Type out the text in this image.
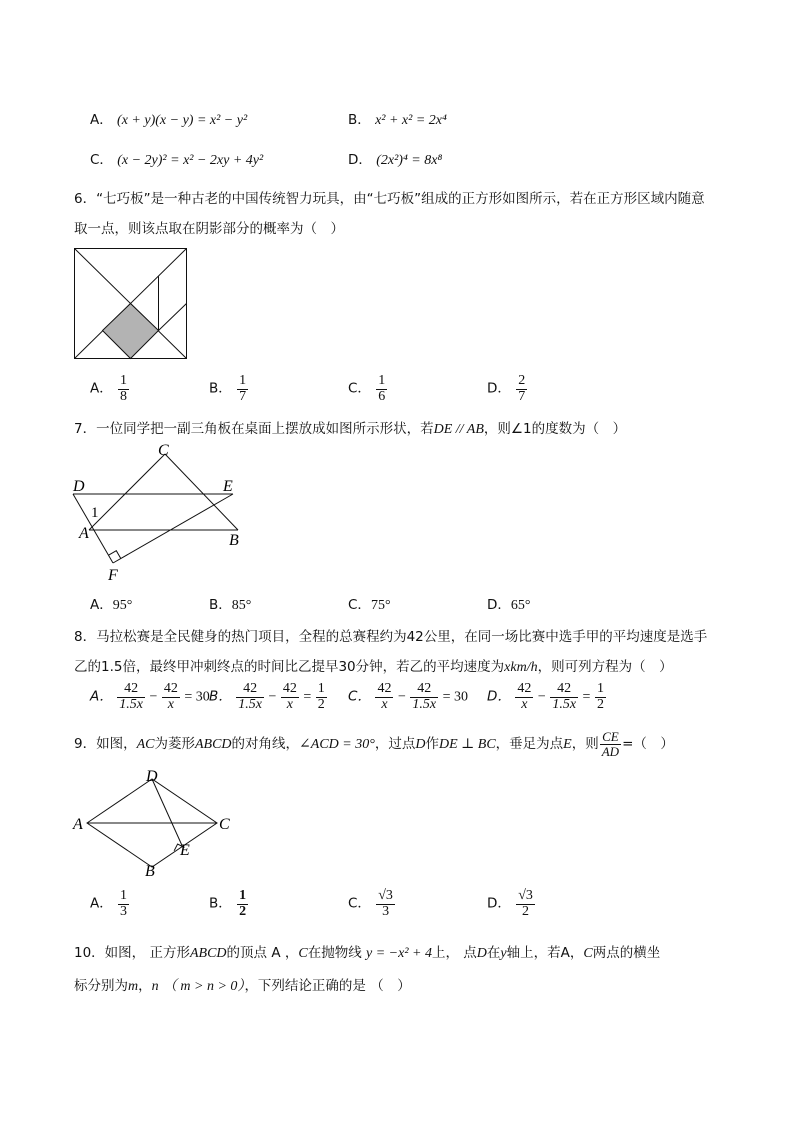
A． (x + y)(x − y) = x² − y²	B． x² + x² = 2x⁴
C． (x − 2y)² = x² − 2xy + 4y²	D． (2x²)⁴ = 8x⁸
6．“七巧板”是一种古老的中国传统智力玩具，由“七巧板”组成的正方形如图所示，若在正方形区域内随意
取一点，则该点取在阴影部分的概率为（　）
A． $\frac{1}{8}$	B． $\frac{1}{7}$	C． $\frac{1}{6}$	D． $\frac{2}{7}$
7．一位同学把一副三角板在桌面上摆放成如图所示形状，若DE // AB，则∠1的度数为（　）
C
D	E
1
A	B
F
A．95°	B．85°	C．75°	D．65°
8．马拉松赛是全民健身的热门项目，全程的总赛程约为42公里，在同一场比赛中选手甲的平均速度是选手
乙的1.5倍，最终甲冲刺终点的时间比乙提早30分钟，若乙的平均速度为xkm/h，则可列方程为（　）
A． $\frac{42}{1.5x} - \frac{42}{x} = 30$ B． $\frac{42}{1.5x} - \frac{42}{x} = \frac{1}{2}$ C． $\frac{42}{x} - \frac{42}{1.5x} = 30$ D． $\frac{42}{x} - \frac{42}{1.5x} = \frac{1}{2}$
9．如图，AC为菱形ABCD的对角线，∠ACD = 30°，过点D作DE ⊥ BC，垂足为点E，则 $\frac{CE}{AD}$ =（　）
D
A	C
E
B
A． $\frac{1}{3}$	B． $\frac{1}{2}$	C． $\frac{√3}{3}$	D． $\frac{√3}{2}$
10．如图， 正方形ABCD的顶点 A ，C在抛物线 y = −x² + 4上， 点D在y轴上，若A，C两点的横坐
标分别为m，n （ m > n > 0），下列结论正确的是 （　）
